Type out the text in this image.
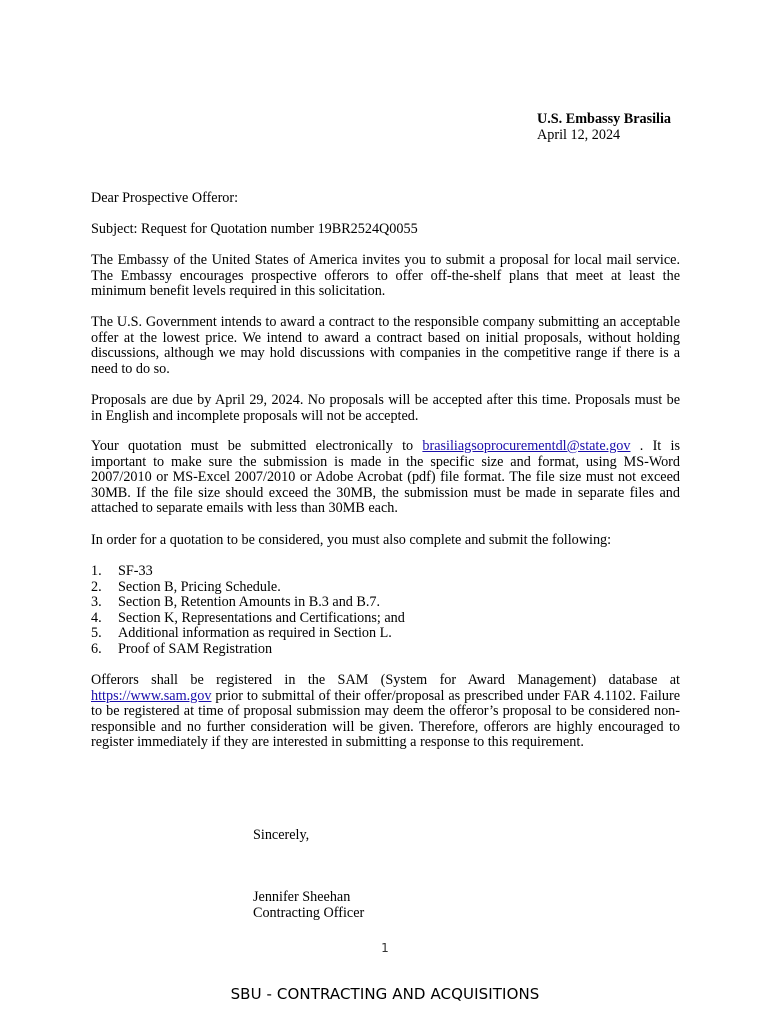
U.S. Embassy Brasilia
April 12, 2024
Dear Prospective Offeror:
Subject: Request for Quotation number 19BR2524Q0055
The Embassy of the United States of America invites you to submit a proposal for local mail service. The Embassy encourages prospective offerors to offer off-the-shelf plans that meet at least the minimum benefit levels required in this solicitation.
The U.S. Government intends to award a contract to the responsible company submitting an acceptable offer at the lowest price. We intend to award a contract based on initial proposals, without holding discussions, although we may hold discussions with companies in the competitive range if there is a need to do so.
Proposals are due by April 29, 2024. No proposals will be accepted after this time. Proposals must be in English and incomplete proposals will not be accepted.
Your quotation must be submitted electronically to brasiliagsoprocurementdl@state.gov . It is important to make sure the submission is made in the specific size and format, using MS-Word 2007/2010 or MS-Excel 2007/2010 or Adobe Acrobat (pdf) file format. The file size must not exceed 30MB. If the file size should exceed the 30MB, the submission must be made in separate files and attached to separate emails with less than 30MB each.
In order for a quotation to be considered, you must also complete and submit the following:
1.	SF-33
2.	Section B, Pricing Schedule.
3.	Section B, Retention Amounts in B.3 and B.7.
4.	Section K, Representations and Certifications; and
5.	Additional information as required in Section L.
6.	Proof of SAM Registration
Offerors shall be registered in the SAM (System for Award Management) database at https://www.sam.gov prior to submittal of their offer/proposal as prescribed under FAR 4.1102. Failure to be registered at time of proposal submission may deem the offeror’s proposal to be considered non-responsible and no further consideration will be given. Therefore, offerors are highly encouraged to register immediately if they are interested in submitting a response to this requirement.
Sincerely,
Jennifer Sheehan
Contracting Officer
1
SBU - CONTRACTING AND ACQUISITIONS
